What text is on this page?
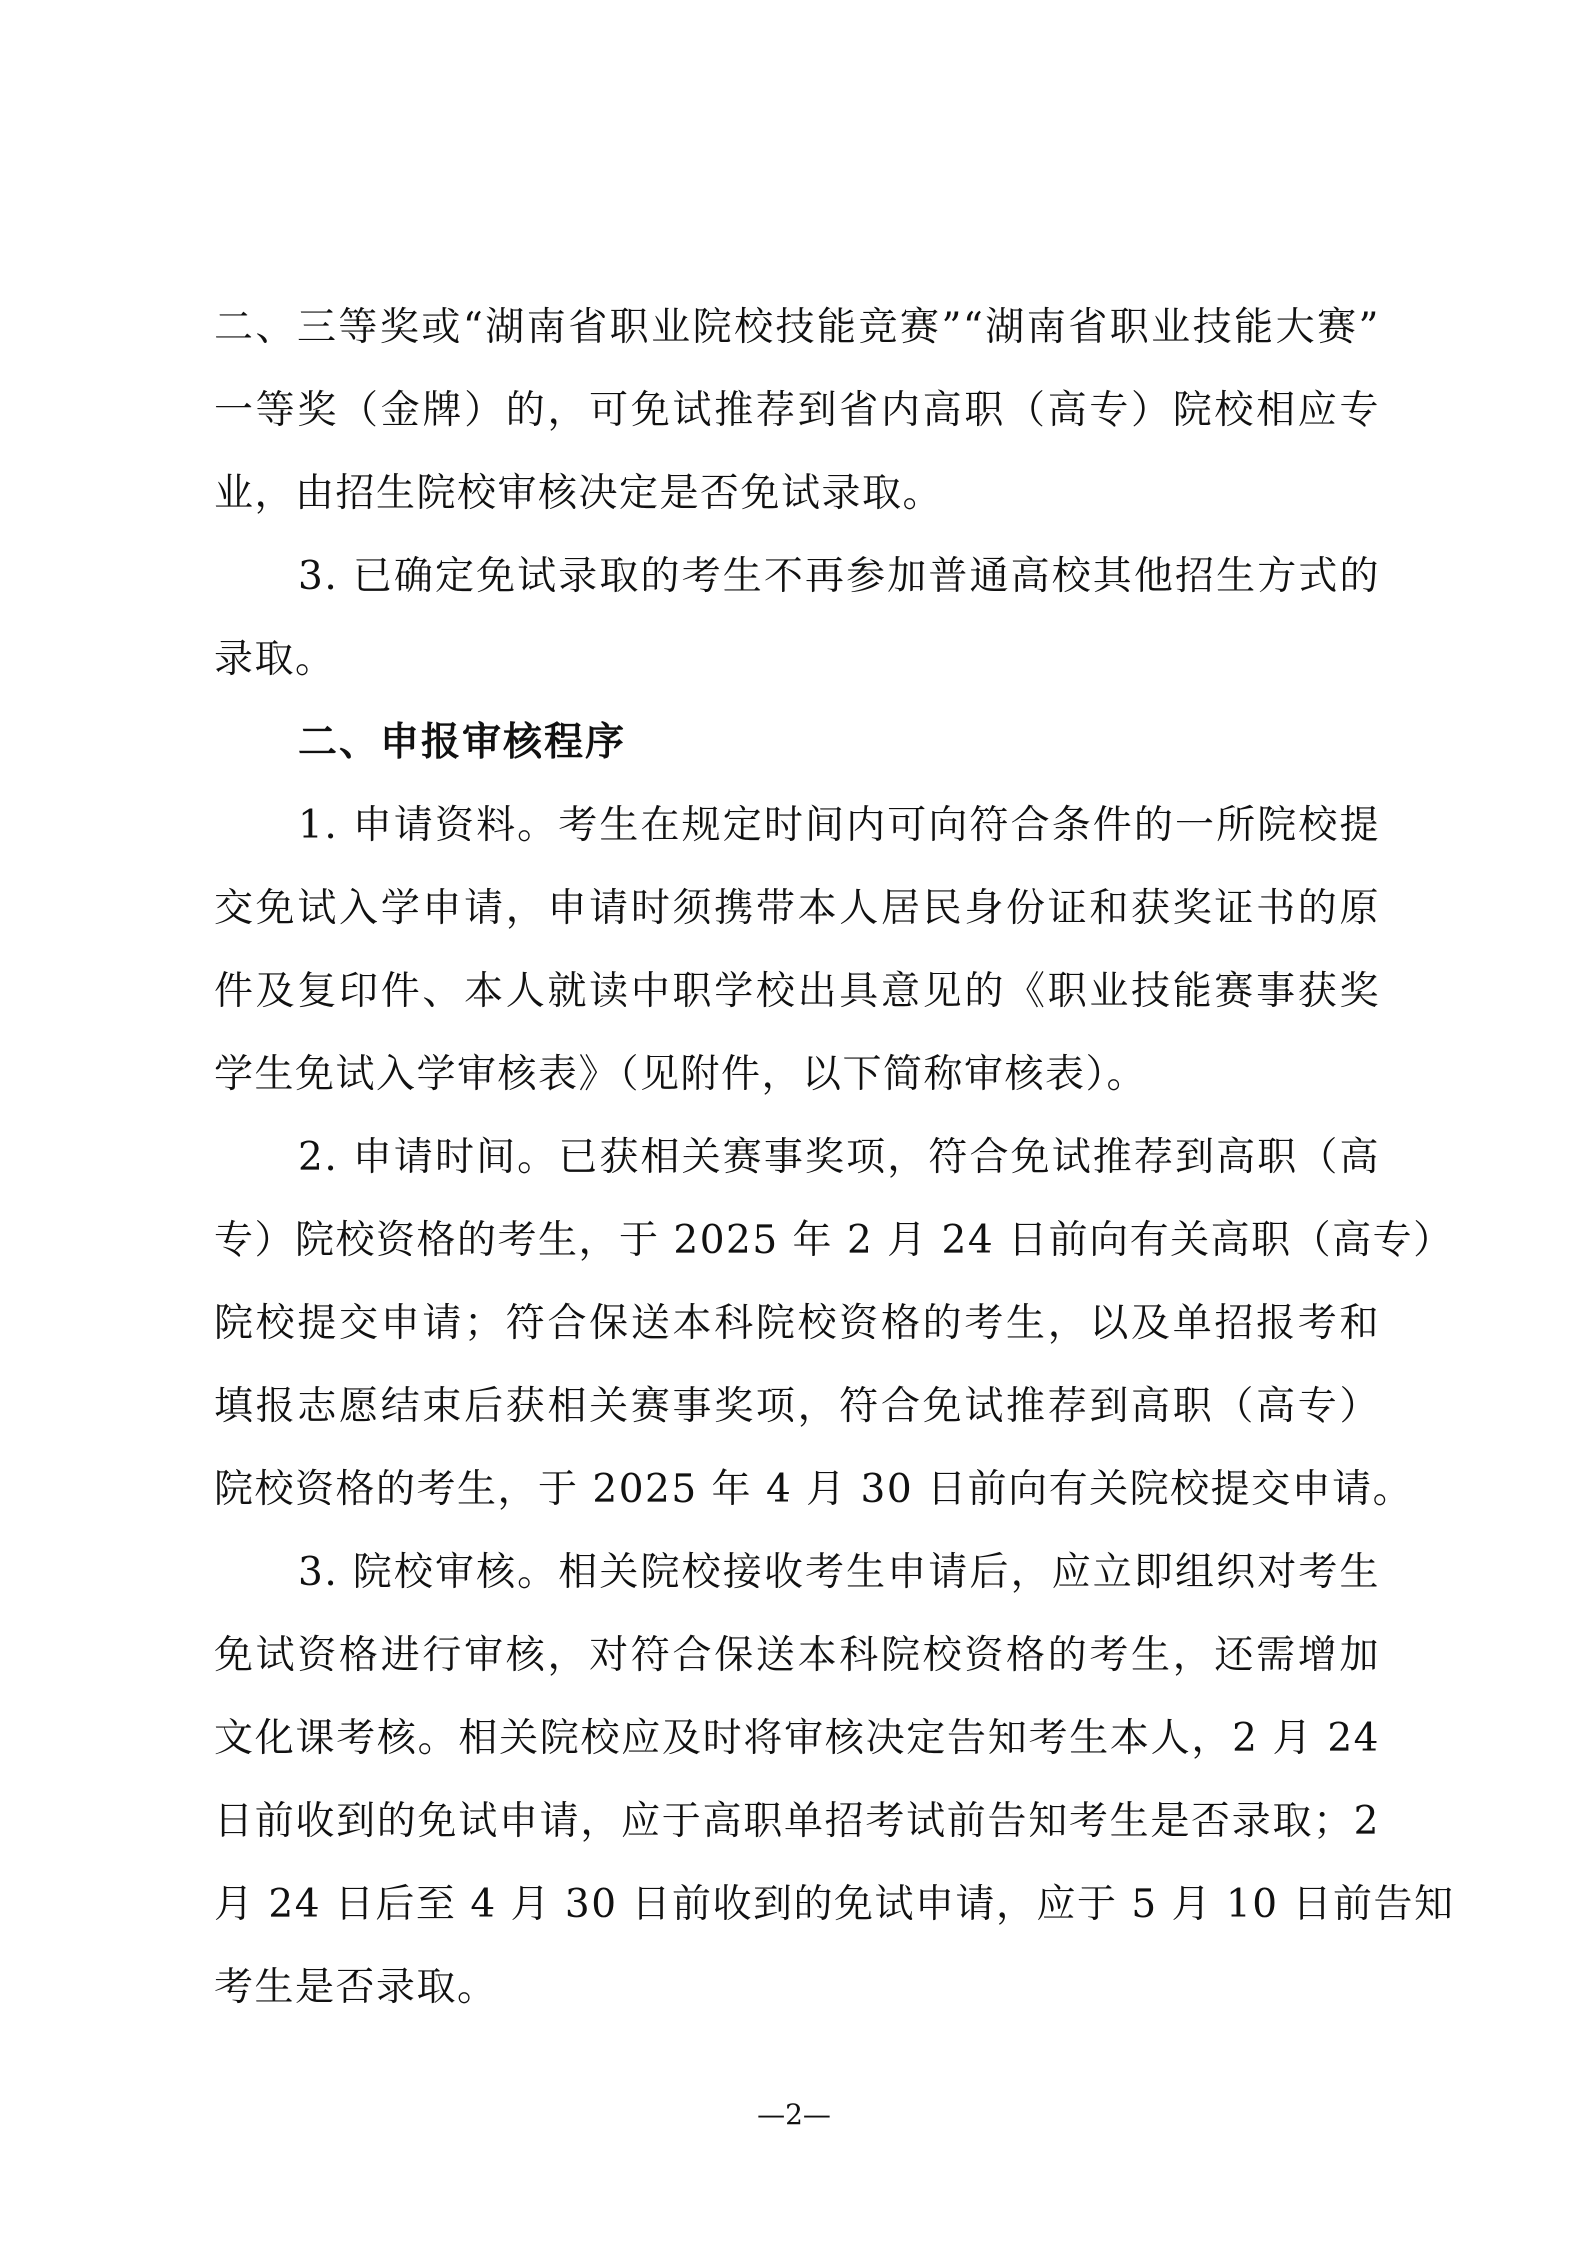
二、三等奖或“湖南省职业院校技能竞赛”“湖南省职业技能大赛”
一等奖（金牌）的，可免试推荐到省内高职（高专）院校相应专
业，由招生院校审核决定是否免试录取。
3. 已确定免试录取的考生不再参加普通高校其他招生方式的
录取。
二、申报审核程序
1. 申请资料。考生在规定时间内可向符合条件的一所院校提
交免试入学申请，申请时须携带本人居民身份证和获奖证书的原
件及复印件、本人就读中职学校出具意见的《职业技能赛事获奖
学生免试入学审核表》（见附件，以下简称审核表）。
2. 申请时间。已获相关赛事奖项，符合免试推荐到高职（高
专）院校资格的考生，于 2025 年 2 月 24 日前向有关高职（高专）
院校提交申请；符合保送本科院校资格的考生，以及单招报考和
填报志愿结束后获相关赛事奖项，符合免试推荐到高职（高专）
院校资格的考生，于 2025 年 4 月 30 日前向有关院校提交申请。
3. 院校审核。相关院校接收考生申请后，应立即组织对考生
免试资格进行审核，对符合保送本科院校资格的考生，还需增加
文化课考核。相关院校应及时将审核决定告知考生本人，2 月 24
日前收到的免试申请，应于高职单招考试前告知考生是否录取；2
月 24 日后至 4 月 30 日前收到的免试申请，应于 5 月 10 日前告知
考生是否录取。
—2—
